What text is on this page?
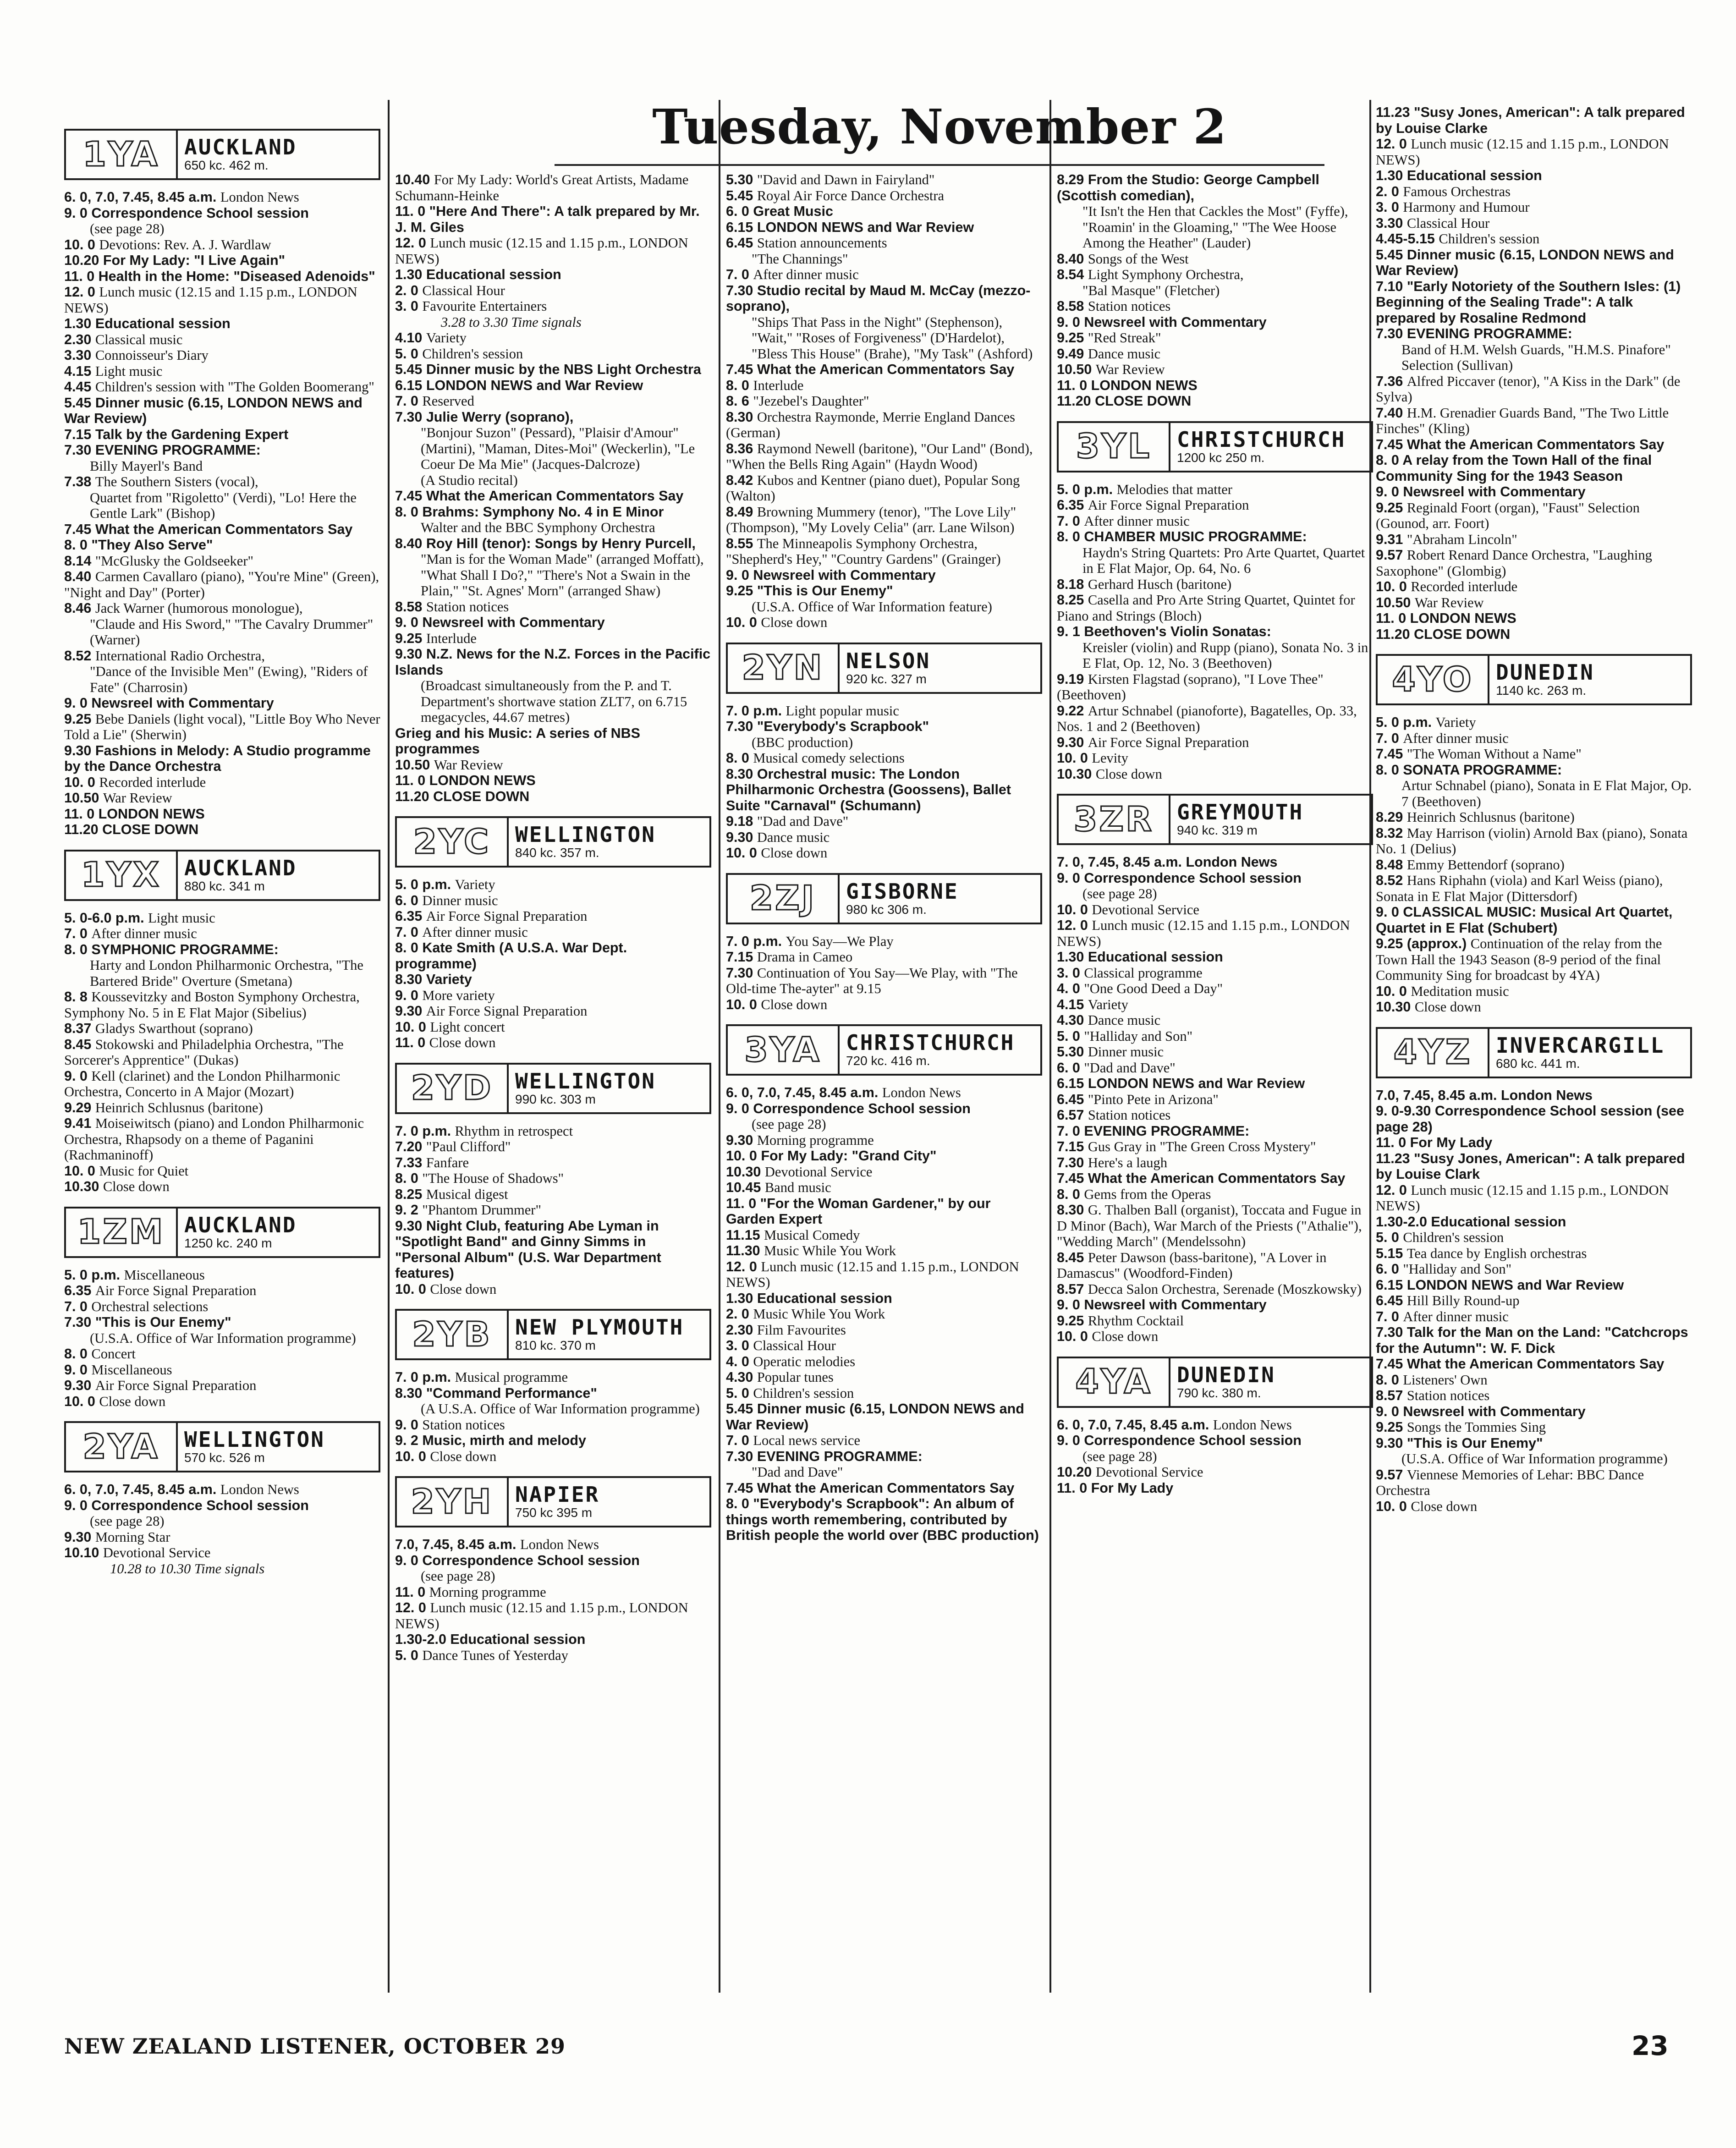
Tuesday, November 2
1YA	AUCKLAND
650 kc. 462 m.

6. 0, 7.0, 7.45, 8.45 a.m. London News

9. 0 Correspondence School session

(see page 28)

10. 0 Devotions: Rev. A. J. Wardlaw

10.20 For My Lady: "I Live Again"

11. 0 Health in the Home: "Diseased Adenoids"

12. 0 Lunch music (12.15 and 1.15 p.m., LONDON NEWS)

1.30 Educational session

2.30 Classical music

3.30 Connoisseur's Diary

4.15 Light music

4.45 Children's session with "The Golden Boomerang"

5.45 Dinner music (6.15, LONDON NEWS and War Review)

7.15 Talk by the Gardening Expert

7.30 EVENING PROGRAMME:

Billy Mayerl's Band

7.38 The Southern Sisters (vocal),

Quartet from "Rigoletto" (Verdi), "Lo! Here the Gentle Lark" (Bishop)

7.45 What the American Commentators Say

8. 0 "They Also Serve"

8.14 "McGlusky the Goldseeker"

8.40 Carmen Cavallaro (piano), "You're Mine" (Green), "Night and Day" (Porter)

8.46 Jack Warner (humorous monologue),

"Claude and His Sword," "The Cavalry Drummer" (Warner)

8.52 International Radio Orchestra,

"Dance of the Invisible Men" (Ewing), "Riders of Fate" (Charrosin)

9. 0 Newsreel with Commentary

9.25 Bebe Daniels (light vocal), "Little Boy Who Never Told a Lie" (Sherwin)

9.30 Fashions in Melody: A Studio programme by the Dance Orchestra

10. 0 Recorded interlude

10.50 War Review

11. 0 LONDON NEWS

11.20 CLOSE DOWN

1YX	AUCKLAND
880 kc. 341 m

5. 0-6.0 p.m. Light music

7. 0 After dinner music

8. 0 SYMPHONIC PROGRAMME:

Harty and London Philharmonic Orchestra, "The Bartered Bride" Overture (Smetana)

8. 8 Koussevitzky and Boston Symphony Orchestra, Symphony No. 5 in E Flat Major (Sibelius)

8.37 Gladys Swarthout (soprano)

8.45 Stokowski and Philadelphia Orchestra, "The Sorcerer's Apprentice" (Dukas)

9. 0 Kell (clarinet) and the London Philharmonic Orchestra, Concerto in A Major (Mozart)

9.29 Heinrich Schlusnus (baritone)

9.41 Moiseiwitsch (piano) and London Philharmonic Orchestra, Rhapsody on a theme of Paganini (Rachmaninoff)

10. 0 Music for Quiet

10.30 Close down

1ZM AUCKLAND
1250 kc. 240 m

5. 0 p.m. Miscellaneous

6.35 Air Force Signal Preparation

7. 0 Orchestral selections

7.30 "This is Our Enemy"

(U.S.A. Office of War Information programme)

8. 0 Concert

9. 0 Miscellaneous

9.30 Air Force Signal Preparation

10. 0 Close down

2YA	WELLINGTON
570 kc. 526 m

6. 0, 7.0, 7.45, 8.45 a.m. London News

9. 0 Correspondence School session

(see page 28)

9.30 Morning Star

10.10 Devotional Service

10.28 to 10.30 Time signals

10.40 For My Lady: World's Great Artists, Madame Schumann-Heinke

11. 0 "Here And There": A talk prepared by Mr. J. M. Giles

12. 0 Lunch music (12.15 and 1.15 p.m., LONDON NEWS)

1.30 Educational session

2. 0 Classical Hour

3. 0 Favourite Entertainers

3.28 to 3.30 Time signals

4.10 Variety

5. 0 Children's session

5.45 Dinner music by the NBS Light Orchestra

6.15 LONDON NEWS and War Review

7. 0 Reserved

7.30 Julie Werry (soprano),

"Bonjour Suzon" (Pessard), "Plaisir d'Amour" (Martini), "Maman, Dites-Moi" (Weckerlin), "Le Coeur De Ma Mie" (Jacques-Dalcroze)

(A Studio recital)

7.45 What the American Commentators Say

8. 0 Brahms: Symphony No. 4 in E Minor

Walter and the BBC Symphony Orchestra

8.40 Roy Hill (tenor): Songs by Henry Purcell,

"Man is for the Woman Made" (arranged Moffatt), "What Shall I Do?," "There's Not a Swain in the Plain," "St. Agnes' Morn" (arranged Shaw)

8.58 Station notices

9. 0 Newsreel with Commentary

9.25 Interlude

9.30 N.Z. News for the N.Z. Forces in the Pacific Islands

(Broadcast simultaneously from the P. and T. Department's shortwave station ZLT7, on 6.715 megacycles, 44.67 metres)

Grieg and his Music: A series of NBS programmes

10.50 War Review

11. 0 LONDON NEWS

11.20 CLOSE DOWN

2YC	WELLINGTON
840 kc. 357 m.

5. 0 p.m. Variety

6. 0 Dinner music

6.35 Air Force Signal Preparation

7. 0 After dinner music

8. 0 Kate Smith (A U.S.A. War Dept. programme)

8.30 Variety

9. 0 More variety

9.30 Air Force Signal Preparation

10. 0 Light concert

11. 0 Close down

2YD	WELLINGTON
990 kc. 303 m

7. 0 p.m. Rhythm in retrospect

7.20 "Paul Clifford"

7.33 Fanfare

8. 0 "The House of Shadows"

8.25 Musical digest

9. 2 "Phantom Drummer"

9.30 Night Club, featuring Abe Lyman in "Spotlight Band" and Ginny Simms in "Personal Album" (U.S. War Department features)

10. 0 Close down

2YB	NEW PLYMOUTH
810 kc. 370 m

7. 0 p.m. Musical programme

8.30 "Command Performance"

(A U.S.A. Office of War Information programme)

9. 0 Station notices

9. 2 Music, mirth and melody

10. 0 Close down

2YH	NAPIER
750 kc 395 m

7.0, 7.45, 8.45 a.m. London News

9. 0 Correspondence School session

(see page 28)

11. 0 Morning programme

12. 0 Lunch music (12.15 and 1.15 p.m., LONDON NEWS)

1.30-2.0 Educational session

5. 0 Dance Tunes of Yesterday

5.30 "David and Dawn in Fairyland"

5.45 Royal Air Force Dance Orchestra

6. 0 Great Music

6.15 LONDON NEWS and War Review

6.45 Station announcements

"The Channings"

7. 0 After dinner music

7.30 Studio recital by Maud M. McCay (mezzo-soprano),

"Ships That Pass in the Night" (Stephenson), "Wait," "Roses of Forgiveness" (D'Hardelot), "Bless This House" (Brahe), "My Task" (Ashford)

7.45 What the American Commentators Say

8. 0 Interlude

8. 6 "Jezebel's Daughter"

8.30 Orchestra Raymonde, Merrie England Dances (German)

8.36 Raymond Newell (baritone), "Our Land" (Bond), "When the Bells Ring Again" (Haydn Wood)

8.42 Kubos and Kentner (piano duet), Popular Song (Walton)

8.49 Browning Mummery (tenor), "The Love Lily" (Thompson), "My Lovely Celia" (arr. Lane Wilson)

8.55 The Minneapolis Symphony Orchestra, "Shepherd's Hey," "Country Gardens" (Grainger)

9. 0 Newsreel with Commentary

9.25 "This is Our Enemy"

(U.S.A. Office of War Information feature)

10. 0 Close down

2YN	NELSON
920 kc. 327 m

7. 0 p.m. Light popular music

7.30 "Everybody's Scrapbook"

(BBC production)

8. 0 Musical comedy selections

8.30 Orchestral music: The London Philharmonic Orchestra (Goossens), Ballet Suite "Carnaval" (Schumann)

9.18 "Dad and Dave"

9.30 Dance music

10. 0 Close down

2ZJ	GISBORNE
980 kc 306 m.

7. 0 p.m. You Say—We Play

7.15 Drama in Cameo

7.30 Continuation of You Say—We Play, with "The Old-time The-ayter" at 9.15

10. 0 Close down

3YA	CHRISTCHURCH
720 kc. 416 m.

6. 0, 7.0, 7.45, 8.45 a.m. London News

9. 0 Correspondence School session

(see page 28)

9.30 Morning programme

10. 0 For My Lady: "Grand City"

10.30 Devotional Service

10.45 Band music

11. 0 "For the Woman Gardener," by our Garden Expert

11.15 Musical Comedy

11.30 Music While You Work

12. 0 Lunch music (12.15 and 1.15 p.m., LONDON NEWS)

1.30 Educational session

2. 0 Music While You Work

2.30 Film Favourites

3. 0 Classical Hour

4. 0 Operatic melodies

4.30 Popular tunes

5. 0 Children's session

5.45 Dinner music (6.15, LONDON NEWS and War Review)

7. 0 Local news service

7.30 EVENING PROGRAMME:

"Dad and Dave"

7.45 What the American Commentators Say

8. 0 "Everybody's Scrapbook": An album of things worth remembering, contributed by British people the world over (BBC production)

8.29 From the Studio: George Campbell (Scottish comedian),

"It Isn't the Hen that Cackles the Most" (Fyffe), "Roamin' in the Gloaming," "The Wee Hoose Among the Heather" (Lauder)

8.40 Songs of the West

8.54 Light Symphony Orchestra,

"Bal Masque" (Fletcher)

8.58 Station notices

9. 0 Newsreel with Commentary

9.25 "Red Streak"

9.49 Dance music

10.50 War Review

11. 0 LONDON NEWS

11.20 CLOSE DOWN

3YL	CHRISTCHURCH
1200 kc 250 m.

5. 0 p.m. Melodies that matter

6.35 Air Force Signal Preparation

7. 0 After dinner music

8. 0 CHAMBER MUSIC PROGRAMME:

Haydn's String Quartets: Pro Arte Quartet, Quartet in E Flat Major, Op. 64, No. 6

8.18 Gerhard Husch (baritone)

8.25 Casella and Pro Arte String Quartet, Quintet for Piano and Strings (Bloch)

9. 1 Beethoven's Violin Sonatas:

Kreisler (violin) and Rupp (piano), Sonata No. 3 in E Flat, Op. 12, No. 3 (Beethoven)

9.19 Kirsten Flagstad (soprano), "I Love Thee" (Beethoven)

9.22 Artur Schnabel (pianoforte), Bagatelles, Op. 33, Nos. 1 and 2 (Beethoven)

9.30 Air Force Signal Preparation

10. 0 Levity

10.30 Close down

3ZR	GREYMOUTH
940 kc. 319 m

7. 0, 7.45, 8.45 a.m. London News

9. 0 Correspondence School session

(see page 28)

10. 0 Devotional Service

12. 0 Lunch music (12.15 and 1.15 p.m., LONDON NEWS)

1.30 Educational session

3. 0 Classical programme

4. 0 "One Good Deed a Day"

4.15 Variety

4.30 Dance music

5. 0 "Halliday and Son"

5.30 Dinner music

6. 0 "Dad and Dave"

6.15 LONDON NEWS and War Review

6.45 "Pinto Pete in Arizona"

6.57 Station notices

7. 0 EVENING PROGRAMME:

7.15 Gus Gray in "The Green Cross Mystery"

7.30 Here's a laugh

7.45 What the American Commentators Say

8. 0 Gems from the Operas

8.30 G. Thalben Ball (organist), Toccata and Fugue in D Minor (Bach), War March of the Priests ("Athalie"), "Wedding March" (Mendelssohn)

8.45 Peter Dawson (bass-baritone), "A Lover in Damascus" (Woodford-Finden)

8.57 Decca Salon Orchestra, Serenade (Moszkowsky)

9. 0 Newsreel with Commentary

9.25 Rhythm Cocktail

10. 0 Close down

4YA	DUNEDIN
790 kc. 380 m.

6. 0, 7.0, 7.45, 8.45 a.m. London News

9. 0 Correspondence School session

(see page 28)

10.20 Devotional Service

11. 0 For My Lady

11.23 "Susy Jones, American": A talk prepared by Louise Clarke

12. 0 Lunch music (12.15 and 1.15 p.m., LONDON NEWS)

1.30 Educational session

2. 0 Famous Orchestras

3. 0 Harmony and Humour

3.30 Classical Hour

4.45-5.15 Children's session

5.45 Dinner music (6.15, LONDON NEWS and War Review)

7.10 "Early Notoriety of the Southern Isles: (1) Beginning of the Sealing Trade": A talk prepared by Rosaline Redmond

7.30 EVENING PROGRAMME:

Band of H.M. Welsh Guards, "H.M.S. Pinafore" Selection (Sullivan)

7.36 Alfred Piccaver (tenor), "A Kiss in the Dark" (de Sylva)

7.40 H.M. Grenadier Guards Band, "The Two Little Finches" (Kling)

7.45 What the American Commentators Say

8. 0 A relay from the Town Hall of the final Community Sing for the 1943 Season

9. 0 Newsreel with Commentary

9.25 Reginald Foort (organ), "Faust" Selection (Gounod, arr. Foort)

9.31 "Abraham Lincoln"

9.57 Robert Renard Dance Orchestra, "Laughing Saxophone" (Glombig)

10. 0 Recorded interlude

10.50 War Review

11. 0 LONDON NEWS

11.20 CLOSE DOWN

4YO	DUNEDIN
1140 kc. 263 m.

5. 0 p.m. Variety

7. 0 After dinner music

7.45 "The Woman Without a Name"

8. 0 SONATA PROGRAMME:

Artur Schnabel (piano), Sonata in E Flat Major, Op. 7 (Beethoven)

8.29 Heinrich Schlusnus (baritone)

8.32 May Harrison (violin) Arnold Bax (piano), Sonata No. 1 (Delius)

8.48 Emmy Bettendorf (soprano)

8.52 Hans Riphahn (viola) and Karl Weiss (piano), Sonata in E Flat Major (Dittersdorf)

9. 0 CLASSICAL MUSIC: Musical Art Quartet, Quartet in E Flat (Schubert)

9.25 (approx.) Continuation of the relay from the Town Hall the 1943 Season (8-9 period of the final Community Sing for broadcast by 4YA)

10. 0 Meditation music

10.30 Close down

4YZ	INVERCARGILL
680 kc. 441 m.

7.0, 7.45, 8.45 a.m. London News

9. 0-9.30 Correspondence School session (see page 28)

11. 0 For My Lady

11.23 "Susy Jones, American": A talk prepared by Louise Clark

12. 0 Lunch music (12.15 and 1.15 p.m., LONDON NEWS)

1.30-2.0 Educational session

5. 0 Children's session

5.15 Tea dance by English orchestras

6. 0 "Halliday and Son"

6.15 LONDON NEWS and War Review

6.45 Hill Billy Round-up

7. 0 After dinner music

7.30 Talk for the Man on the Land: "Catchcrops for the Autumn": W. F. Dick

7.45 What the American Commentators Say

8. 0 Listeners' Own

8.57 Station notices

9. 0 Newsreel with Commentary

9.25 Songs the Tommies Sing

9.30 "This is Our Enemy"

(U.S.A. Office of War Information programme)

9.57 Viennese Memories of Lehar: BBC Dance Orchestra

10. 0 Close down

NEW ZEALAND LISTENER, OCTOBER 29	23
